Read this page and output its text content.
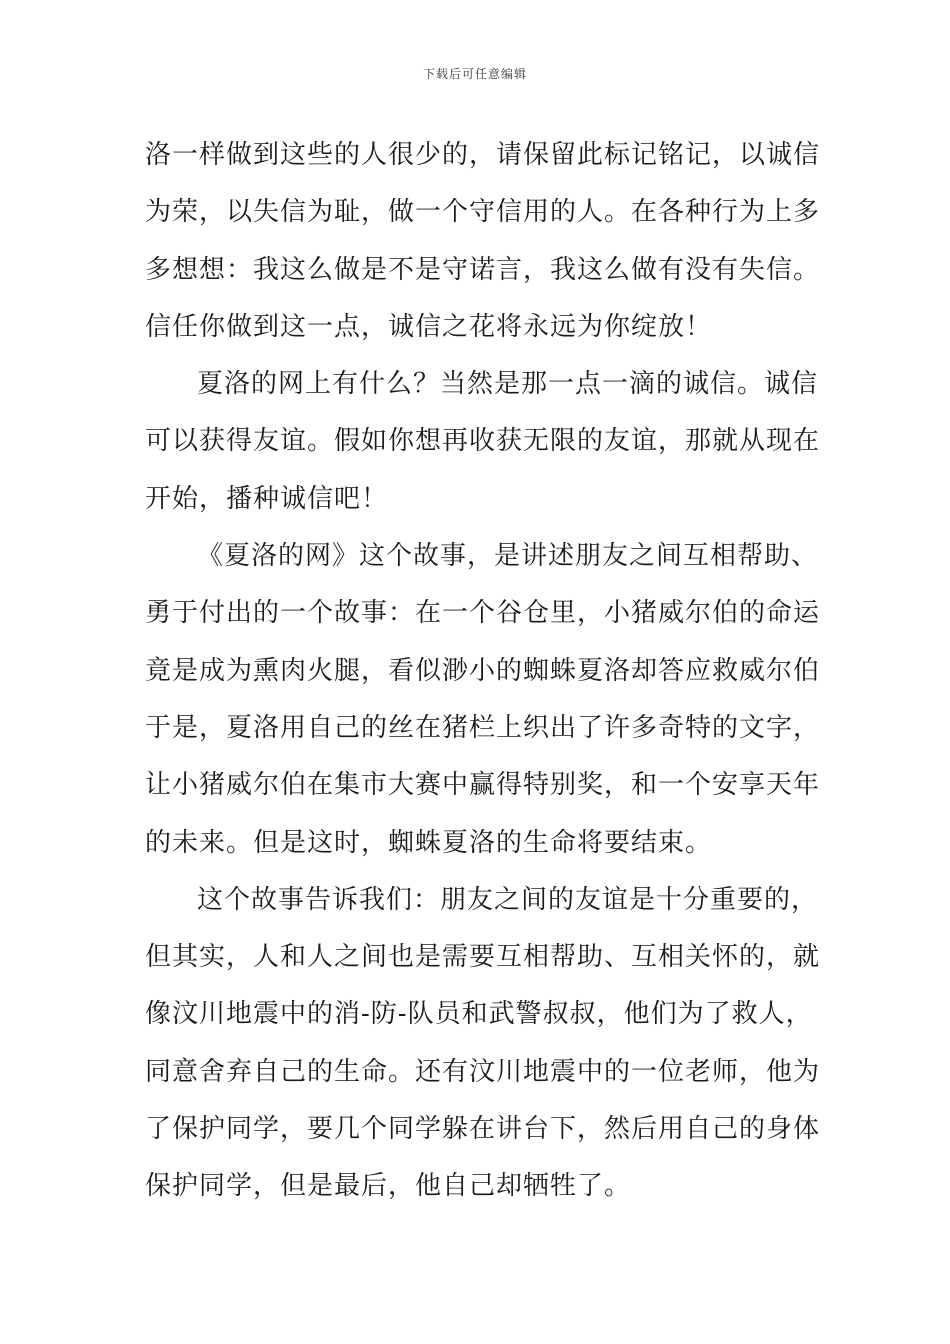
下载后可任意编辑
洛一样做到这些的人很少的，请保留此标记铭记，以诚信
为荣，以失信为耻，做一个守信用的人。在各种行为上多
多想想：我这么做是不是守诺言，我这么做有没有失信。
信任你做到这一点，诚信之花将永远为你绽放！
夏洛的网上有什么？当然是那一点一滴的诚信。诚信
可以获得友谊。假如你想再收获无限的友谊，那就从现在
开始，播种诚信吧！
《夏洛的网》这个故事，是讲述朋友之间互相帮助、
勇于付出的一个故事：在一个谷仓里，小猪威尔伯的命运
竟是成为熏肉火腿，看似渺小的蜘蛛夏洛却答应救威尔伯
于是，夏洛用自己的丝在猪栏上织出了许多奇特的文字，
让小猪威尔伯在集市大赛中赢得特别奖，和一个安享天年
的未来。但是这时，蜘蛛夏洛的生命将要结束。
这个故事告诉我们：朋友之间的友谊是十分重要的，
但其实，人和人之间也是需要互相帮助、互相关怀的，就
像汶川地震中的消-防-队员和武警叔叔，他们为了救人，
同意舍弃自己的生命。还有汶川地震中的一位老师，他为
了保护同学，要几个同学躲在讲台下，然后用自己的身体
保护同学，但是最后，他自己却牺牲了。
